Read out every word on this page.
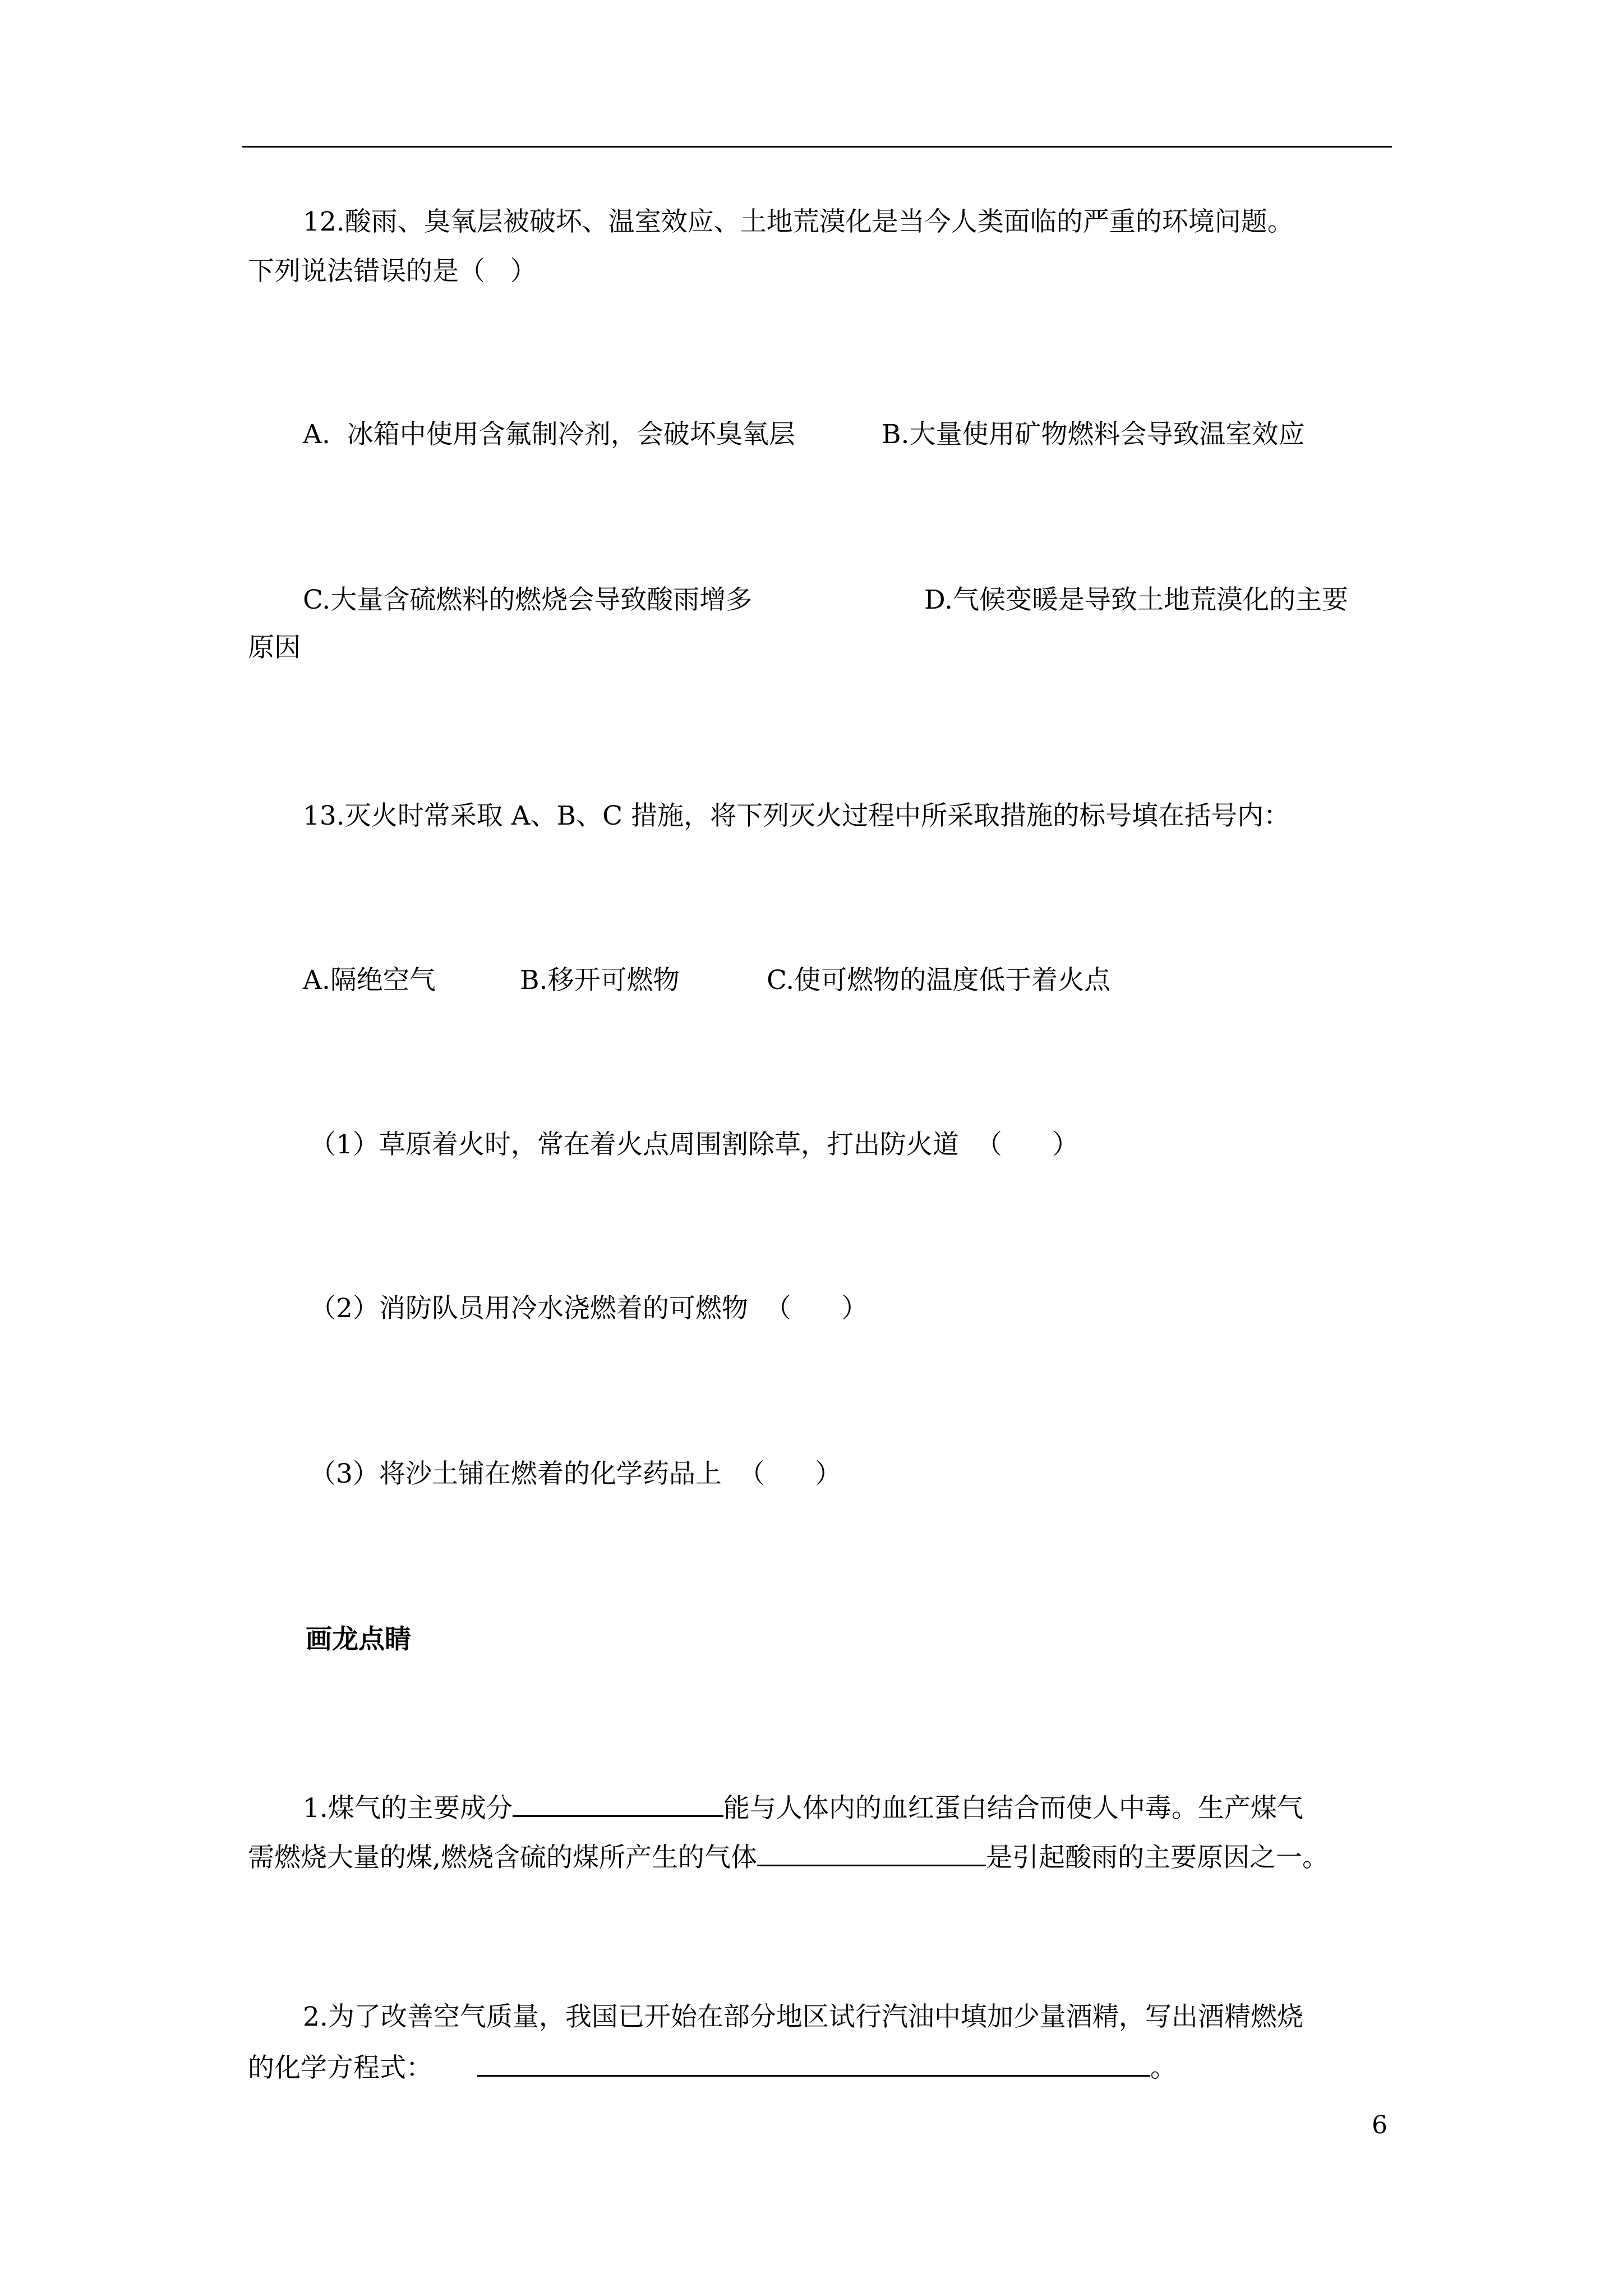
12.酸雨、臭氧层被破坏、温室效应、土地荒漠化是当今人类面临的严重的环境问题。

下列说法错误的是（   ）

A.  冰箱中使用含氟制冷剂，会破坏臭氧层	B.大量使用矿物燃料会导致温室效应

C.大量含硫燃料的燃烧会导致酸雨增多	D.气候变暖是导致土地荒漠化的主要

原因

13.灭火时常采取 A、B、C 措施，将下列灭火过程中所采取措施的标号填在括号内：

A.隔绝空气	B.移开可燃物	C.使可燃物的温度低于着火点

（1）草原着火时，常在着火点周围割除草，打出防火道  （      ）

（2）消防队员用冷水浇燃着的可燃物  （      ）

（3）将沙土铺在燃着的化学药品上  （      ）

画龙点睛

1.煤气的主要成分	能与人体内的血红蛋白结合而使人中毒。生产煤气

需燃烧大量的煤,燃烧含硫的煤所产生的气体	是引起酸雨的主要原因之一。

2.为了改善空气质量，我国已开始在部分地区试行汽油中填加少量酒精，写出酒精燃烧

的化学方程式：	。

6
